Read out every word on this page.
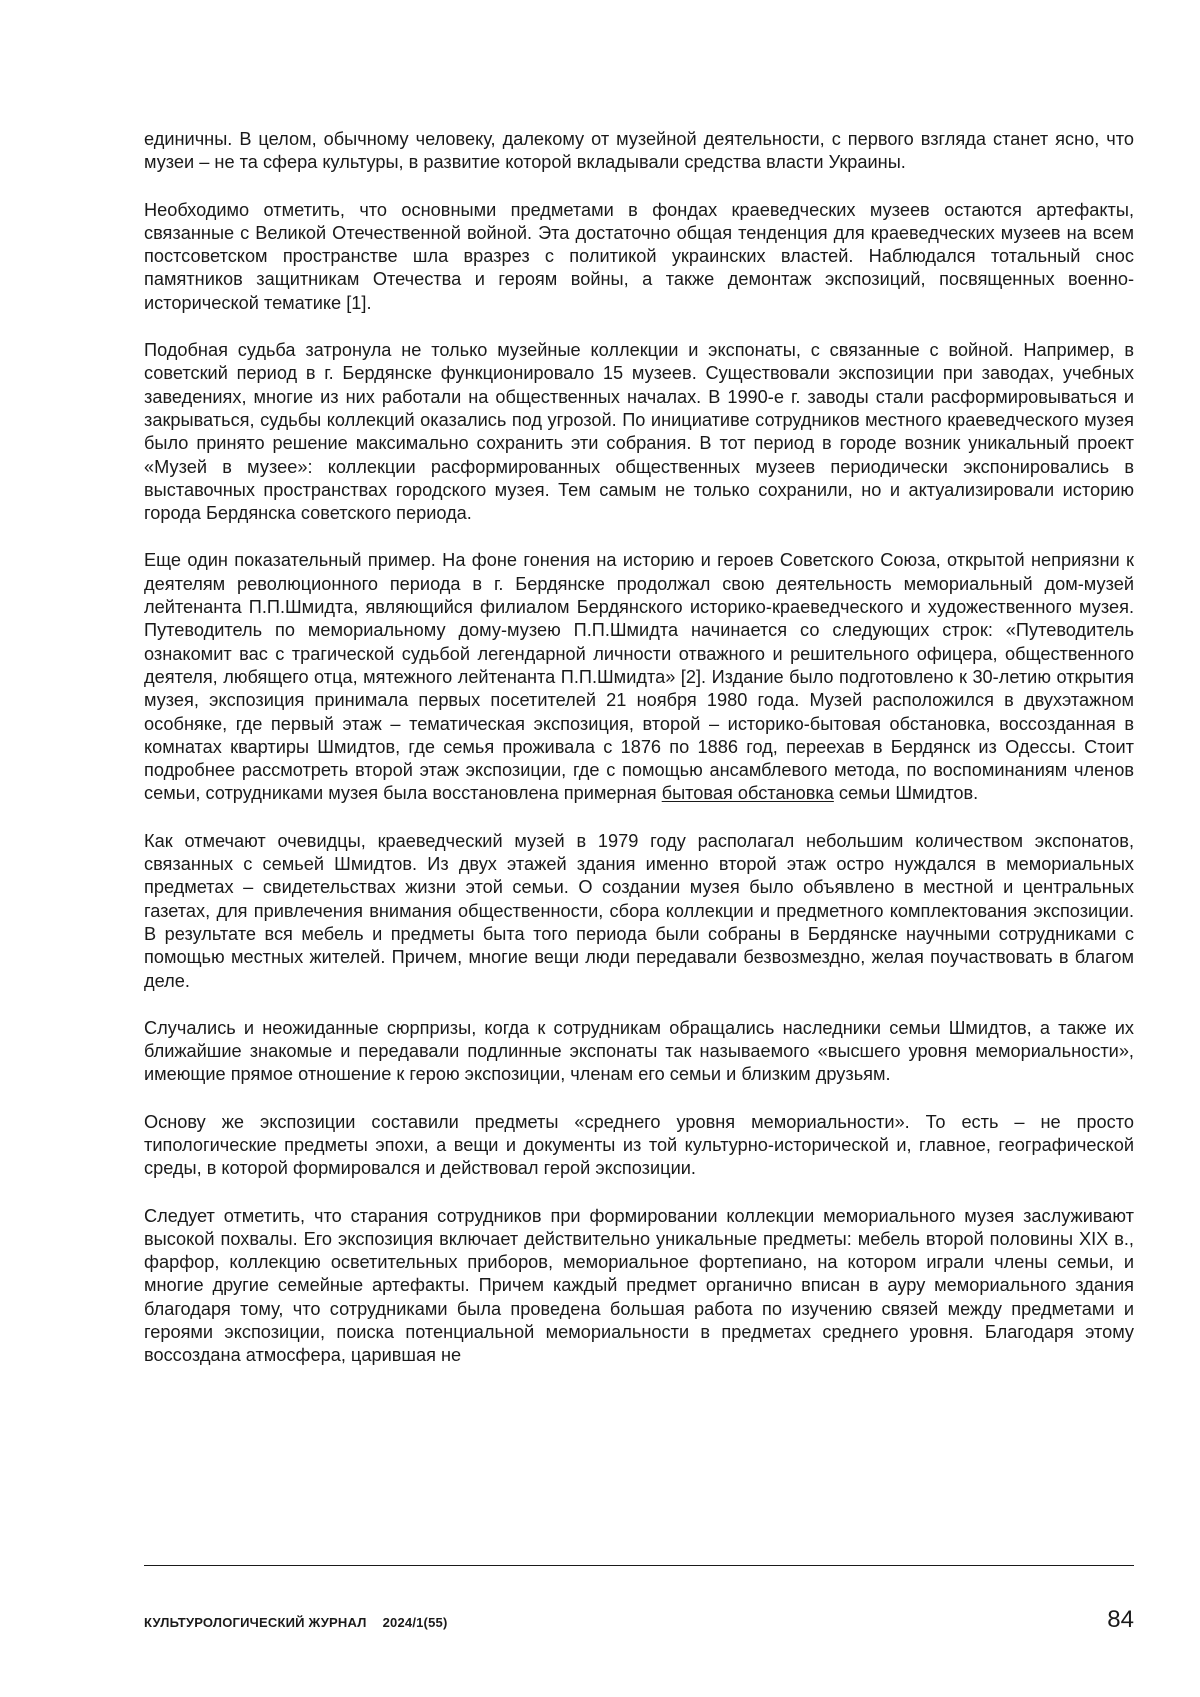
единичны. В целом, обычному человеку, далекому от музейной деятельности, с первого взгляда станет ясно, что музеи – не та сфера культуры, в развитие которой вкладывали средства власти Украины.

Необходимо отметить, что основными предметами в фондах краеведческих музеев остаются артефакты, связанные с Великой Отечественной войной. Эта достаточно общая тенденция для краеведческих музеев на всем постсоветском пространстве шла вразрез с политикой украинских властей. Наблюдался тотальный снос памятников защитникам Отечества и героям войны, а также демонтаж экспозиций, посвященных военно-исторической тематике [1].

Подобная судьба затронула не только музейные коллекции и экспонаты, с связанные с войной. Например, в советский период в г. Бердянске функционировало 15 музеев. Существовали экспозиции при заводах, учебных заведениях, многие из них работали на общественных началах. В 1990-е г. заводы стали расформировываться и закрываться, судьбы коллекций оказались под угрозой. По инициативе сотрудников местного краеведческого музея было принято решение максимально сохранить эти собрания. В тот период в городе возник уникальный проект «Музей в музее»: коллекции расформированных общественных музеев периодически экспонировались в выставочных пространствах городского музея. Тем самым не только сохранили, но и актуализировали историю города Бердянска советского периода.

Еще один показательный пример. На фоне гонения на историю и героев Советского Союза, открытой неприязни к деятелям революционного периода в г. Бердянске продолжал свою деятельность мемориальный дом-музей лейтенанта П.П.Шмидта, являющийся филиалом Бердянского историко-краеведческого и художественного музея. Путеводитель по мемориальному дому-музею П.П.Шмидта начинается со следующих строк: «Путеводитель ознакомит вас с трагической судьбой легендарной личности отважного и решительного офицера, общественного деятеля, любящего отца, мятежного лейтенанта П.П.Шмидта» [2]. Издание было подготовлено к 30-летию открытия музея, экспозиция принимала первых посетителей 21 ноября 1980 года. Музей расположился в двухэтажном особняке, где первый этаж – тематическая экспозиция, второй – историко-бытовая обстановка, воссозданная в комнатах квартиры Шмидтов, где семья проживала с 1876 по 1886 год, переехав в Бердянск из Одессы. Стоит подробнее рассмотреть второй этаж экспозиции, где с помощью ансамблевого метода, по воспоминаниям членов семьи, сотрудниками музея была восстановлена примерная бытовая обстановка семьи Шмидтов.

Как отмечают очевидцы, краеведческий музей в 1979 году располагал небольшим количеством экспонатов, связанных с семьей Шмидтов. Из двух этажей здания именно второй этаж остро нуждался в мемориальных предметах – свидетельствах жизни этой семьи. О создании музея было объявлено в местной и центральных газетах, для привлечения внимания общественности, сбора коллекции и предметного комплектования экспозиции. В результате вся мебель и предметы быта того периода были собраны в Бердянске научными сотрудниками с помощью местных жителей. Причем, многие вещи люди передавали безвозмездно, желая поучаствовать в благом деле.

Случались и неожиданные сюрпризы, когда к сотрудникам обращались наследники семьи Шмидтов, а также их ближайшие знакомые и передавали подлинные экспонаты так называемого «высшего уровня мемориальности», имеющие прямое отношение к герою экспозиции, членам его семьи и близким друзьям.

Основу же экспозиции составили предметы «среднего уровня мемориальности». То есть – не просто типологические предметы эпохи, а вещи и документы из той культурно-исторической и, главное, географической среды, в которой формировался и действовал герой экспозиции.

Следует отметить, что старания сотрудников при формировании коллекции мемориального музея заслуживают высокой похвалы. Его экспозиция включает действительно уникальные предметы: мебель второй половины XIX в., фарфор, коллекцию осветительных приборов, мемориальное фортепиано, на котором играли члены семьи, и многие другие семейные артефакты. Причем каждый предмет органично вписан в ауру мемориального здания благодаря тому, что сотрудниками была проведена большая работа по изучению связей между предметами и героями экспозиции, поиска потенциальной мемориальности в предметах среднего уровня. Благодаря этому воссоздана атмосфера, царившая не

КУЛЬТУРОЛОГИЧЕСКИЙ ЖУРНАЛ 2024/1(55)	84
